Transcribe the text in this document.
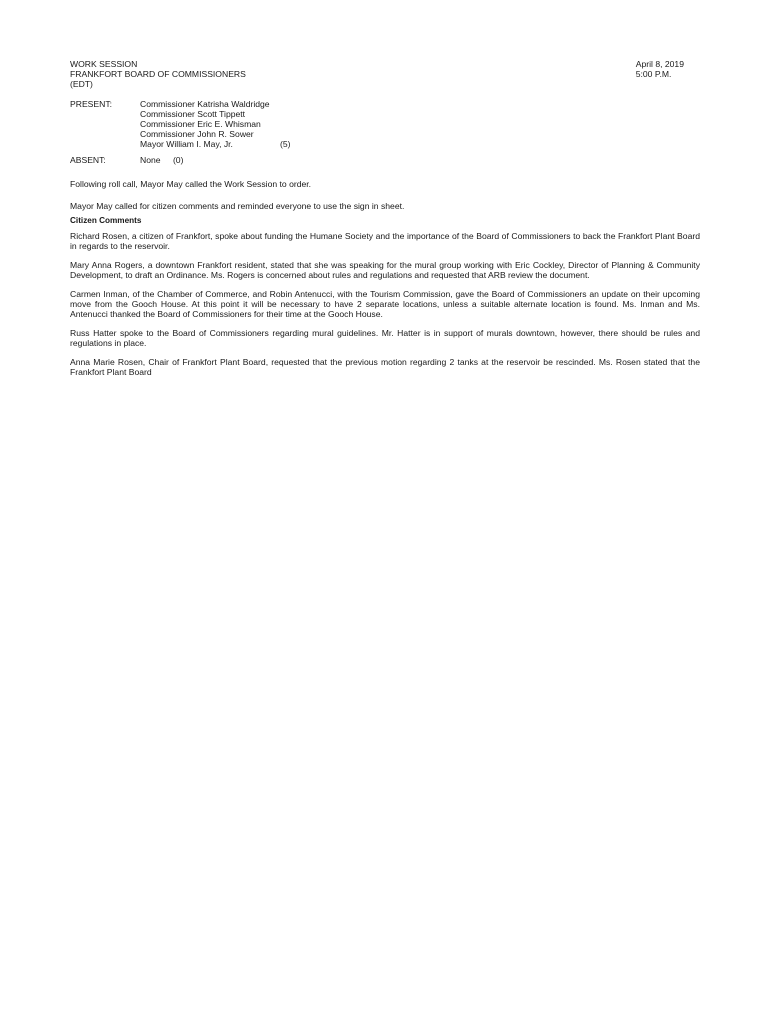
WORK SESSION
FRANKFORT BOARD OF COMMISSIONERS
(EDT)
April 8, 2019
5:00 P.M.
PRESENT:	Commissioner Katrisha Waldridge
Commissioner Scott Tippett
Commissioner Eric E. Whisman
Commissioner John R. Sower
Mayor William I. May, Jr.	(5)
ABSENT:	None (0)

Following roll call, Mayor May called the Work Session to order.

Mayor May called for citizen comments and reminded everyone to use the sign in sheet.

Citizen Comments

Richard Rosen, a citizen of Frankfort, spoke about funding the Humane Society and the importance of the Board of Commissioners to back the Frankfort Plant Board in regards to the reservoir.

Mary Anna Rogers, a downtown Frankfort resident, stated that she was speaking for the mural group working with Eric Cockley, Director of Planning & Community Development, to draft an Ordinance. Ms. Rogers is concerned about rules and regulations and requested that ARB review the document.

Carmen Inman, of the Chamber of Commerce, and Robin Antenucci, with the Tourism Commission, gave the Board of Commissioners an update on their upcoming move from the Gooch House. At this point it will be necessary to have 2 separate locations, unless a suitable alternate location is found. Ms. Inman and Ms. Antenucci thanked the Board of Commissioners for their time at the Gooch House.

Russ Hatter spoke to the Board of Commissioners regarding mural guidelines. Mr. Hatter is in support of murals downtown, however, there should be rules and regulations in place.

Anna Marie Rosen, Chair of Frankfort Plant Board, requested that the previous motion regarding 2 tanks at the reservoir be rescinded. Ms. Rosen stated that the Frankfort Plant Board
